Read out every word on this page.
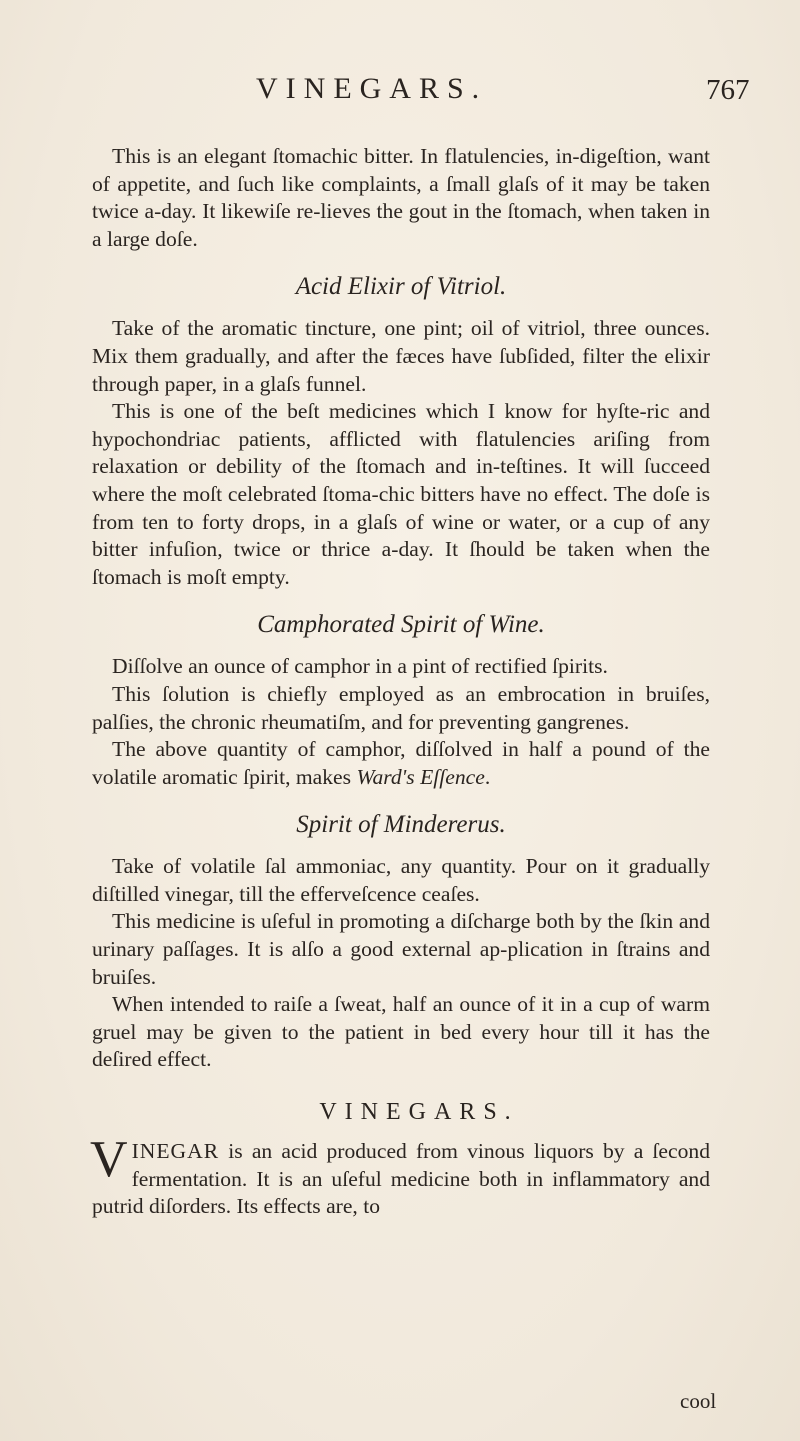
VINEGARS.	767

This is an elegant ſtomachic bitter. In flatulencies, in-digeſtion, want of appetite, and ſuch like complaints, a ſmall glaſs of it may be taken twice a-day. It likewiſe re-lieves the gout in the ſtomach, when taken in a large doſe.

Acid Elixir of Vitriol.

Take of the aromatic tincture, one pint; oil of vitriol, three ounces. Mix them gradually, and after the fæces have ſubſided, filter the elixir through paper, in a glaſs funnel.

This is one of the beſt medicines which I know for hyſte-ric and hypochondriac patients, afflicted with flatulencies ariſing from relaxation or debility of the ſtomach and in-teſtines. It will ſucceed where the moſt celebrated ſtoma-chic bitters have no effect. The doſe is from ten to forty drops, in a glaſs of wine or water, or a cup of any bitter infuſion, twice or thrice a-day. It ſhould be taken when the ſtomach is moſt empty.

Camphorated Spirit of Wine.

Diſſolve an ounce of camphor in a pint of rectified ſpirits.

This ſolution is chiefly employed as an embrocation in bruiſes, palſies, the chronic rheumatiſm, and for preventing gangrenes.

The above quantity of camphor, diſſolved in half a pound of the volatile aromatic ſpirit, makes Ward's Eſſence.

Spirit of Mindererus.

Take of volatile ſal ammoniac, any quantity. Pour on it gradually diſtilled vinegar, till the effervеſcence ceaſes.

This medicine is uſeful in promoting a diſcharge both by the ſkin and urinary paſſages. It is alſo a good external ap-plication in ſtrains and bruiſes.

When intended to raiſe a ſweat, half an ounce of it in a cup of warm gruel may be given to the patient in bed every hour till it has the deſired effect.

VINEGARS.

VINEGAR is an acid produced from vinous liquors by a ſecond fermentation. It is an uſeful medicine both in inflammatory and putrid diſorders. Its effects are, to

cool
